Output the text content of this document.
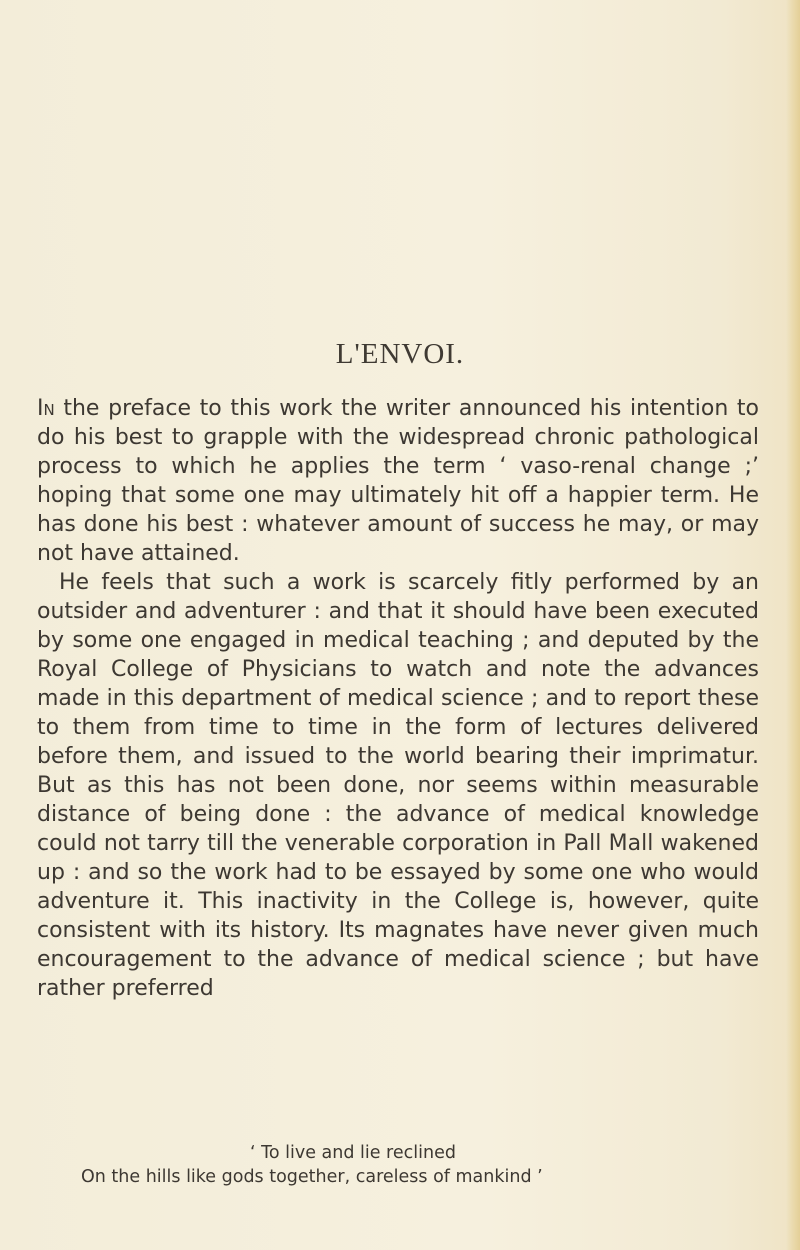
L'ENVOI.

In the preface to this work the writer announced his intention to do his best to grapple with the widespread chronic pathological process to which he applies the term ‘ vaso-renal change ;’ hoping that some one may ultimately hit off a happier term. He has done his best : whatever amount of success he may, or may not have attained.

He feels that such a work is scarcely fitly performed by an outsider and adventurer : and that it should have been executed by some one engaged in medical teaching ; and deputed by the Royal College of Physicians to watch and note the advances made in this department of medical science ; and to report these to them from time to time in the form of lectures delivered before them, and issued to the world bearing their imprimatur. But as this has not been done, nor seems within measurable distance of being done : the advance of medical knowledge could not tarry till the venerable corporation in Pall Mall wakened up : and so the work had to be essayed by some one who would adventure it. This inactivity in the College is, however, quite consistent with its history. Its magnates have never given much encouragement to the advance of medical science ; but have rather preferred

‘ To live and lie reclined
On the hills like gods together, careless of mankind ’
